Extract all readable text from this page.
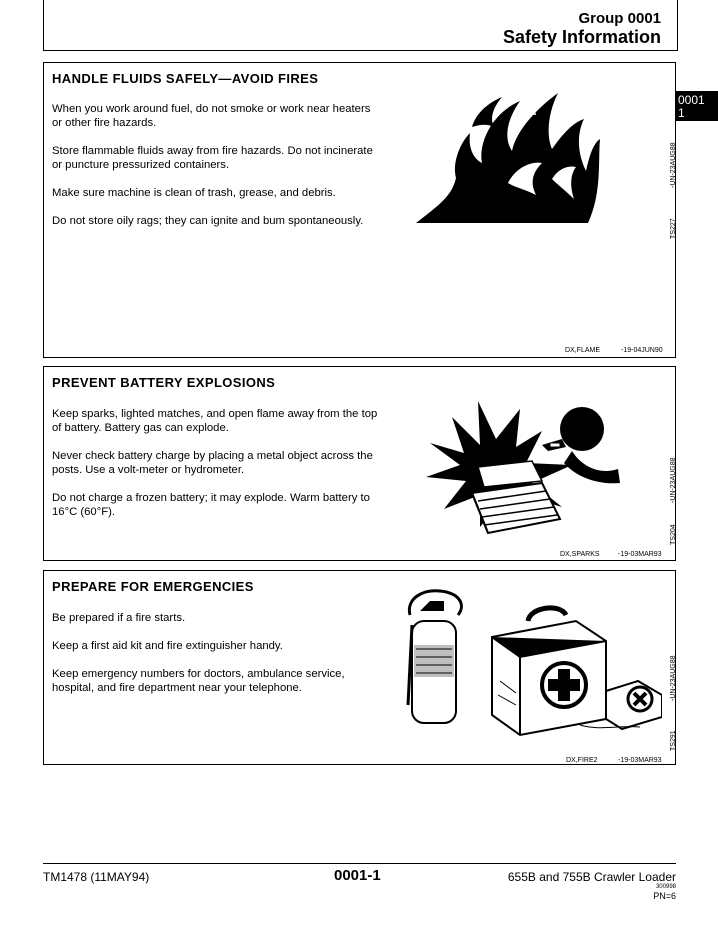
Group 0001
Safety Information
0001
1
HANDLE FLUIDS SAFELY—AVOID FIRES

When you work around fuel, do not smoke or work near heaters or other fire hazards.

Store flammable fluids away from fire hazards. Do not incinerate or puncture pressurized containers.

Make sure machine is clean of trash, grease, and debris.

Do not store oily rags; they can ignite and bum spontaneously.

-UN-23AUG88
TS227
DX,FLAME	-19-04JUN90
PREVENT BATTERY EXPLOSIONS

Keep sparks, lighted matches, and open flame away from the top of battery. Battery gas can explode.

Never check battery charge by placing a metal object across the posts. Use a volt-meter or hydrometer.

Do not charge a frozen battery; it may explode. Warm battery to 16°C (60°F).

-UN-23AUG88
TS204
DX,SPARKS	-19-03MAR93
PREPARE FOR EMERGENCIES

Be prepared if a fire starts.

Keep a first aid kit and fire extinguisher handy.

Keep emergency numbers for doctors, ambulance service, hospital, and fire department near your telephone.	-UN-23AUG88
TS291
DX,FIRE2	-19-03MAR93
TM1478 (11MAY94)	0001-1	655B and 755B Crawler Loader
300998
PN=6
